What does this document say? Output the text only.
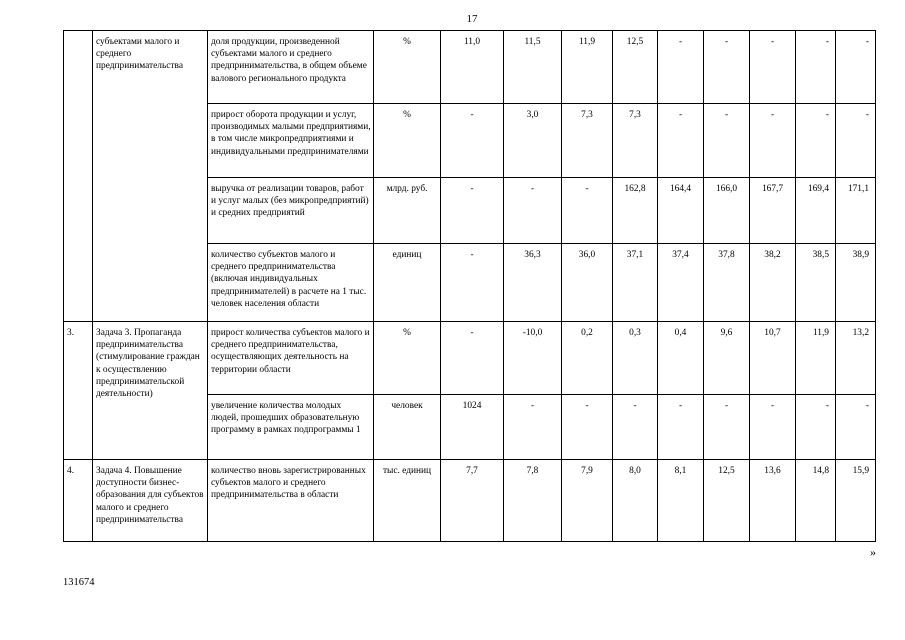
17
	субъектами малого и среднего предпринимательства	доля продукции, произведенной субъектами малого и среднего предпринимательства, в общем объеме валового регионального продукта	%	11,0	11,5	11,9	12,5	-	-	-	-	-
		прирост оборота продукции и услуг, производимых малыми предприятиями, в том числе микропредприятиями и индивидуальными предпринимателями	%	-	3,0	7,3	7,3	-	-	-	-	-
		выручка от реализации товаров, работ и услуг малых (без микропредприятий) и средних предприятий	млрд. руб.	-	-	-	162,8	164,4	166,0	167,7	169,4	171,1
		количество субъектов малого и среднего предпринимательства (включая индивидуальных предпринимателей) в расчете на 1 тыс. человек населения области	единиц	-	36,3	36,0	37,1	37,4	37,8	38,2	38,5	38,9
3.	Задача 3. Пропаганда предпринимательства (стимулирование граждан к осуществлению предпринимательской деятельности)	прирост количества субъектов малого и среднего предпринимательства, осуществляющих деятельность на территории области	%	-	-10,0	0,2	0,3	0,4	9,6	10,7	11,9	13,2
		увеличение количества молодых людей, прошедших образовательную программу в рамках подпрограммы 1	человек	1024	-	-	-	-	-	-	-	-
4.	Задача 4. Повышение доступности бизнес-образования для субъектов малого и среднего предпринимательства	количество вновь зарегистрированных субъектов малого и среднего предпринимательства в области	тыс. единиц	7,7	7,8	7,9	8,0	8,1	12,5	13,6	14,8	15,9
»
131674
